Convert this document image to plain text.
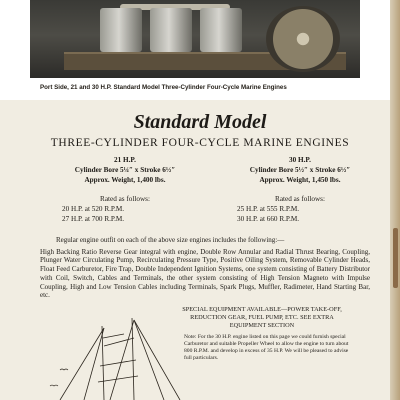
Port Side, 21 and 30 H.P. Standard Model Three-Cylinder Four-Cycle Marine Engines
Standard Model
THREE-CYLINDER FOUR-CYCLE MARINE ENGINES
21 H.P.
Cylinder Bore 5¼″ x Stroke 6½″
Approx. Weight, 1,400 lbs.
Rated as follows:
20 H.P. at 520 R.P.M.
27 H.P. at 700 R.P.M.
30 H.P.
Cylinder Bore 5½″ x Stroke 6½″
Approx. Weight, 1,450 lbs.
Rated as follows:
25 H.P. at 555 R.P.M.
30 H.P. at 660 R.P.M.
Regular engine outfit on each of the above size engines includes the following:—
High Backing Ratio Reverse Gear integral with engine, Double Row Annular and Radial Thrust Bearing, Coupling, Plunger Water Circulating Pump, Recirculating Pressure Type, Positive Oiling System, Removable Cylinder Heads, Float Feed Carburetor, Fire Trap, Double Independent Ignition Systems, one system consisting of Battery Distributor with Coil, Switch, Cables and Terminals, the other system consisting of High Tension Magneto with Impulse Coupling, High and Low Tension Cables including Terminals, Spark Plugs, Muffler, Radimeter, Hand Starting Bar, etc.
SPECIAL EQUIPMENT AVAILABLE—POWER TAKE-OFF, REDUCTION GEAR, FUEL PUMP, ETC. SEE EXTRA EQUIPMENT SECTION
Note: For the 30 H.P. engine listed on this page we could furnish special Carburetor and suitable Propeller Wheel to allow the engine to turn about 800 R.P.M. and develop in excess of 35 H.P. We will be pleased to advise full particulars.
